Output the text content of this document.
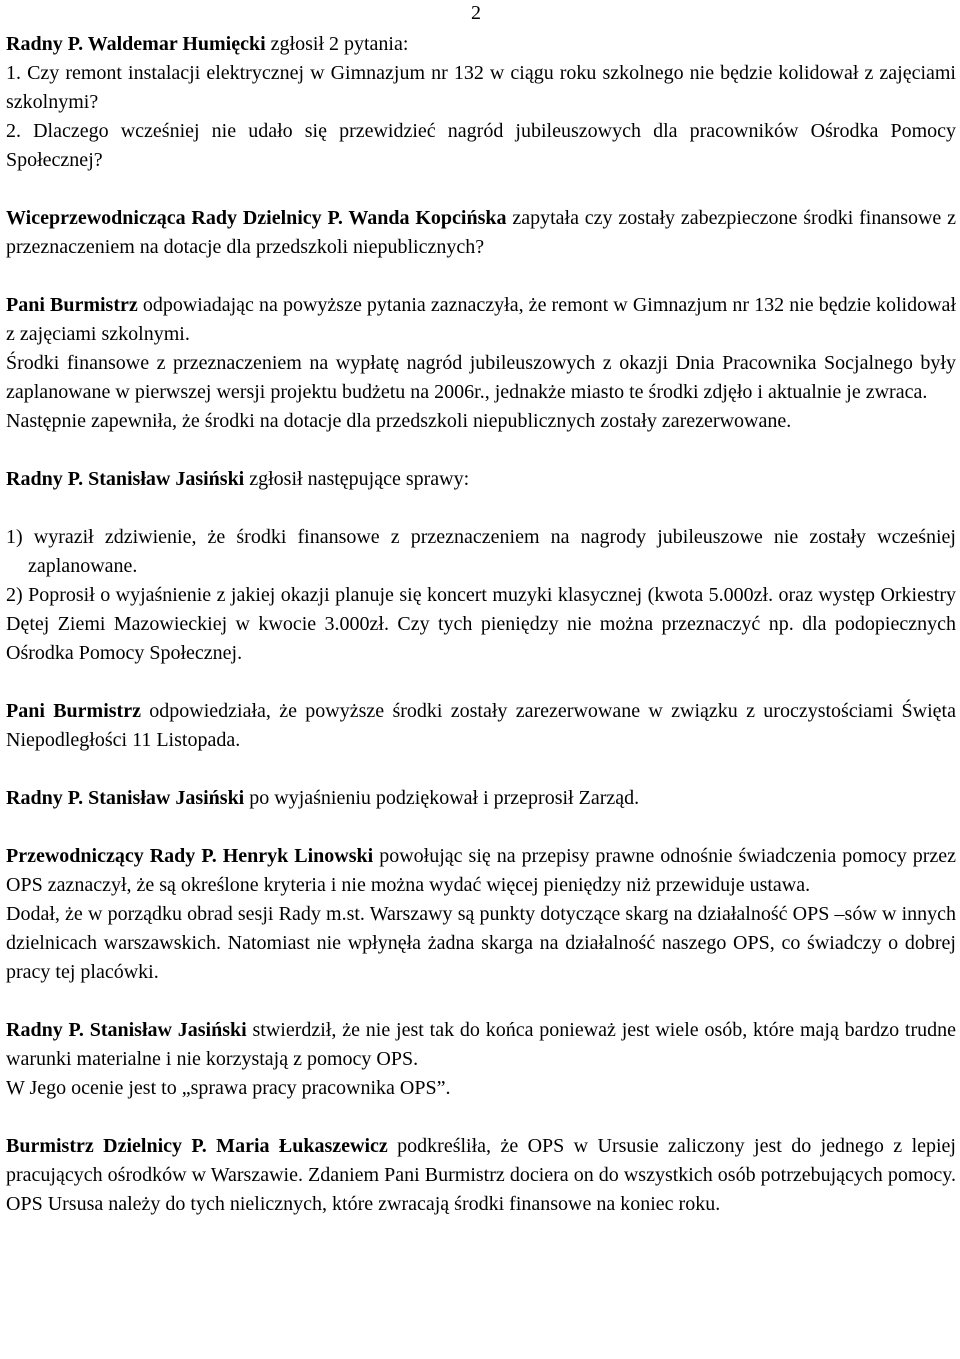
2

Radny P. Waldemar Humięcki zgłosił 2 pytania:

1. Czy remont instalacji elektrycznej w Gimnazjum nr 132 w ciągu roku szkolnego nie będzie kolidował z zajęciami szkolnymi?

2. Dlaczego wcześniej nie udało się przewidzieć nagród jubileuszowych dla pracowników Ośrodka Pomocy Społecznej?

Wiceprzewodnicząca Rady Dzielnicy P. Wanda Kopcińska zapytała czy zostały zabezpieczone środki finansowe z przeznaczeniem na dotacje dla przedszkoli niepublicznych?

Pani Burmistrz odpowiadając na powyższe pytania zaznaczyła, że remont w Gimnazjum nr 132 nie będzie kolidował z zajęciami szkolnymi.

Środki finansowe z przeznaczeniem na wypłatę nagród jubileuszowych z okazji Dnia Pracownika Socjalnego były zaplanowane w pierwszej wersji projektu budżetu na 2006r., jednakże miasto te środki zdjęło i aktualnie je zwraca.

Następnie zapewniła, że środki na dotacje dla przedszkoli niepublicznych zostały zarezerwowane.

Radny P. Stanisław Jasiński zgłosił następujące sprawy:

1) wyraził zdziwienie, że środki finansowe z przeznaczeniem na nagrody jubileuszowe nie zostały wcześniej zaplanowane.

2) Poprosił o wyjaśnienie z jakiej okazji planuje się koncert muzyki klasycznej (kwota 5.000zł. oraz występ Orkiestry Dętej Ziemi Mazowieckiej w kwocie 3.000zł. Czy tych pieniędzy nie można przeznaczyć np. dla podopiecznych Ośrodka Pomocy Społecznej.

Pani Burmistrz odpowiedziała, że powyższe środki zostały zarezerwowane w związku z uroczystościami Święta Niepodległości 11 Listopada.

Radny P. Stanisław Jasiński po wyjaśnieniu podziękował i przeprosił Zarząd.

Przewodniczący Rady P. Henryk Linowski powołując się na przepisy prawne odnośnie świadczenia pomocy przez OPS zaznaczył, że są określone kryteria i nie można wydać więcej pieniędzy niż przewiduje ustawa.

Dodał, że w porządku obrad sesji Rady m.st. Warszawy są punkty dotyczące skarg na działalność OPS –sów w innych dzielnicach warszawskich. Natomiast nie wpłynęła żadna skarga na działalność naszego OPS, co świadczy o dobrej pracy tej placówki.

Radny P. Stanisław Jasiński stwierdził, że nie jest tak do końca ponieważ jest wiele osób, które mają bardzo trudne warunki materialne i nie korzystają z pomocy OPS.

W Jego ocenie jest to „sprawa pracy pracownika OPS”.

Burmistrz Dzielnicy P. Maria Łukaszewicz podkreśliła, że OPS w Ursusie zaliczony jest do jednego z lepiej pracujących ośrodków w Warszawie. Zdaniem Pani Burmistrz dociera on do wszystkich osób potrzebujących pomocy. OPS Ursusa należy do tych nielicznych, które zwracają środki finansowe na koniec roku.
